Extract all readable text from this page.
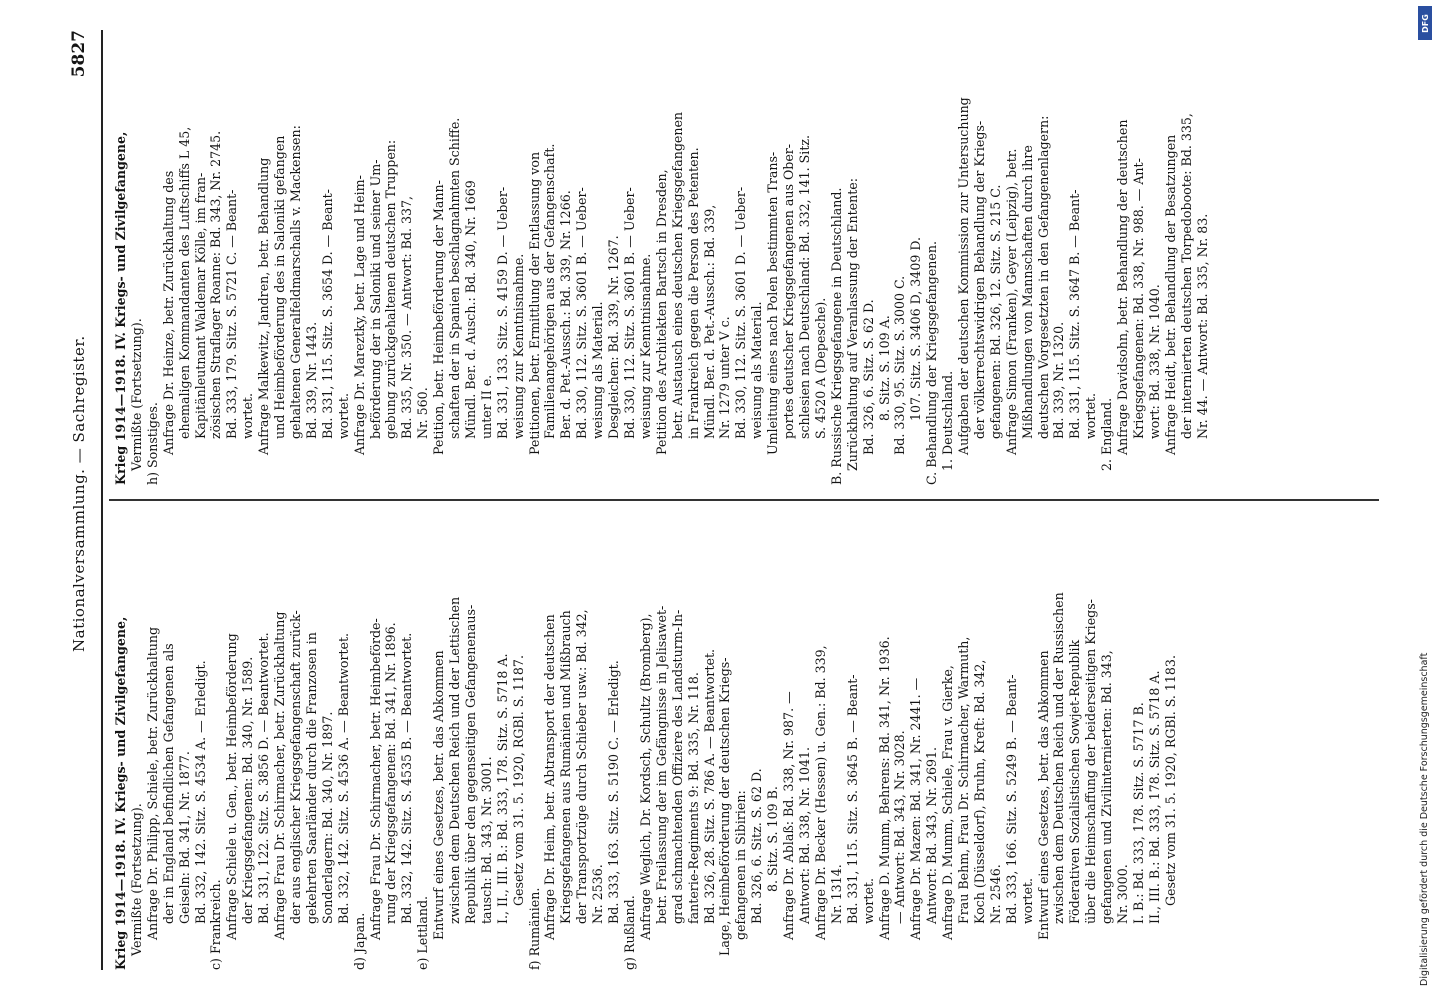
Nationalversammlung. — Sachregister.
5827
Krieg 1914—1918. IV. Kriegs- und Zivilgefangene, Vermißte (Fortsetzung). Anfrage Dr. Philipp, Schiele, betr. Zurückhaltung der in England befindlichen Gefangenen als Geiseln: Bd. 341, Nr. 1877. Bd. 332, 142. Sitz. S. 4534 A. — Erledigt.
c) Frankreich. Anfrage Schiele u. Gen., betr. Heimbeförderung der Kriegsgefangenen: Bd. 340, Nr. 1589. Bd. 331, 122. Sitz. S. 3856 D. — Beantwortet. Anfrage Frau Dr. Schirmacher, betr. Zurückhaltung der aus englischer Kriegsgefangenschaft zurück- gekehrten Saarländer durch die Franzosen in Sonderlagern: Bd. 340, Nr. 1897. Bd. 332, 142. Sitz. S. 4536 A. — Beantwortet.
d) Japan.
Anfrage Frau Dr. Schirmacher, betr. Heimbeförde- rung der Kriegsgefangenen: Bd. 341, Nr. 1896. Bd. 332, 142. Sitz. S. 4535 B. — Beantwortet.
e) Lettland. Entwurf eines Gesetzes, betr. das Abkommen zwischen dem Deutschen Reich und der Lettischen Republik über den gegenseitigen Gefangenenaus- tausch: Bd. 343, Nr. 3001. I., II., III. B.: Bd. 333, 178. Sitz. S. 5718 A. Gesetz vom 31. 5. 1920, RGBl. S. 1187.
f) Rumänien. Anfrage Dr. Heim, betr. Abtransport der deutschen Kriegsgefangenen aus Rumänien und Mißbrauch der Transportzüge durch Schieber usw.: Bd. 342, Nr. 2536. Bd. 333, 163. Sitz. S. 5190 C. — Erledigt.
g) Rußland. Anfrage Weglich, Dr. Kordsch, Schultz (Bromberg), betr. Freilassung der im Gefängnisse in Jelisawet- grad schmachtenden Offiziere des Landsturm-In- fanterie-Regiments 9: Bd. 335, Nr. 118. Bd. 326, 28. Sitz. S. 786 A. — Beantwortet. Lage, Heimbeförderung der deutschen Kriegs- gefangenen in Sibirien: Bd. 326, 6. Sitz. S. 62 D. 8. Sitz. S. 109 B. Anfrage Dr. Ablaß: Bd. 338, Nr. 987. — Antwort: Bd. 338, Nr. 1041. Anfrage Dr. Becker (Hessen) u. Gen.: Bd. 339, Nr. 1314. Bd. 331, 115. Sitz. S. 3645 B. — Beant- wortet. Anfrage D. Mumm, Behrens: Bd. 341, Nr. 1936. — Antwort: Bd. 343, Nr. 3028. Anfrage Dr. Mazen: Bd. 341, Nr. 2441. — Antwort: Bd. 343, Nr. 2691. Anfrage D. Mumm, Schiele, Frau v. Gierke, Frau Behm, Frau Dr. Schirmacher, Warmuth, Koch (Düsseldorf), Bruhn, Kreft: Bd. 342, Nr. 2546. Bd. 333, 166. Sitz. S. 5249 B. — Beant- wortet. Entwurf eines Gesetzes, betr. das Abkommen zwischen dem Deutschen Reich und der Russischen Föderativen Sozialistischen Sowjet-Republik über die Heimschaffung der beiderseitigen Kriegs- gefangenen und Zivilinternierten: Bd. 343, Nr. 3000. I. B.: Bd. 333, 178. Sitz. S. 5717 B. II., III. B.: Bd. 333, 178. Sitz. S. 5718 A. Gesetz vom 31. 5. 1920, RGBl. S. 1183.
Krieg 1914—1918. IV. Kriegs- und Zivilgefangene, Vermißte (Fortsetzung). h) Sonstiges. Anfrage Dr. Heinze, betr. Zurückhaltung des ehemaligen Kommandanten des Luftschiffs L 45, Kapitänleutnant Waldemar Kölle, im fran- zösischen Straflager Roanne: Bd. 343, Nr. 2745. Bd. 333, 179. Sitz. S. 5721 C. — Beant- wortet. Anfrage Malkewitz, Jandren, betr. Behandlung und Heimbeförderung des in Saloniki gefangen gehaltenen Generalfeldmarschalls v. Mackensen: Bd. 339, Nr. 1443. Bd. 331, 115. Sitz. S. 3654 D. — Beant- wortet. Anfrage Dr. Mareztky, betr. Lage und Heim- beförderung der in Saloniki und seiner Um- gebung zurückgehaltenen deutschen Truppen: Bd. 335, Nr. 350. — Antwort: Bd. 337, Nr. 560. Petition, betr. Heimbeförderung der Mann- schaften der in Spanien beschlagnahmten Schiffe. Mündl. Ber. d. Ausch.: Bd. 340, Nr. 1669 unter II e. Bd. 331, 133. Sitz. S. 4159 D. — Ueber- weisung zur Kenntnisnahme. Petitionen, betr. Ermittlung der Entlassung von Familienangehörigen aus der Gefangenschaft. Ber. d. Pet.-Aussch.: Bd. 339, Nr. 1266. Bd. 330, 112. Sitz. S. 3601 B. — Ueber- weisung als Material. Desgleichen: Bd. 339, Nr. 1267. Bd. 330, 112. Sitz. S. 3601 B. — Ueber- weisung zur Kenntnisnahme. Petition des Architekten Bartsch in Dresden, betr. Austausch eines deutschen Kriegsgefangenen in Frankreich gegen die Person des Petenten. Mündl. Ber. d. Pet.-Aussch.: Bd. 339, Nr. 1279 unter V c. Bd. 330, 112. Sitz. S. 3601 D. — Ueber- weisung als Material. Umleitung eines nach Polen bestimmten Trans- portes deutscher Kriegsgefangenen aus Ober- schlesien nach Deutschland: Bd. 332, 141. Sitz. S. 4520 A (Depesche). B. Russische Kriegsgefangene in Deutschland. Zurückhaltung auf Veranlassung der Entente: Bd. 326, 6. Sitz. S. 62 D. 8. Sitz. S. 109 A. Bd. 330, 95. Sitz. S. 3000 C. 107. Sitz. S. 3406 D, 3409 D. C. Behandlung der Kriegsgefangenen. 1. Deutschland. Aufgaben der deutschen Kommission zur Untersuchung der völkerrechtswidrigen Behandlung der Kriegs- gefangenen: Bd. 326, 12. Sitz. S. 215 C. Anfrage Simon (Franken), Geyer (Leipzig), betr. Mißhandlungen von Mannschaften durch ihre deutschen Vorgesetzten in den Gefangenenlagern: Bd. 339, Nr. 1320. Bd. 331, 115. Sitz. S. 3647 B. — Beant- wortet. 2. England. Anfrage Davidsohn, betr. Behandlung der deutschen Kriegsgefangenen: Bd. 338, Nr. 988. — Ant- wort: Bd. 338, Nr. 1040. Anfrage Heidt, betr. Behandlung der Besatzungen der internierten deutschen Torpedoboote: Bd. 335, Nr. 44. — Antwort: Bd. 335, Nr. 83.
Digitalisierung gefördert durch die Deutsche Forschungsgemeinschaft
DFG
